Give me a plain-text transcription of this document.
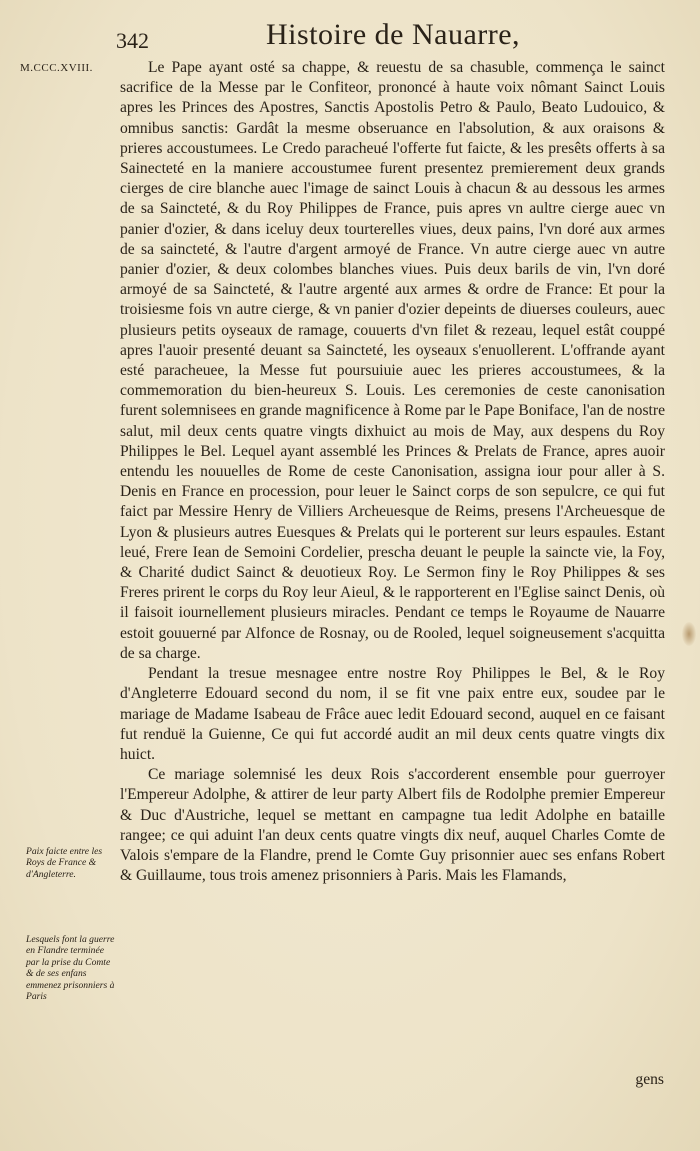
342	Histoire de Nauarre,
M.CCC.XVIII.	Le Pape ayant osté sa chappe, & reuestu de sa chasuble, commença le sainct sacrifice de la Messe par le Confiteor, prononcé à haute voix nômant Sainct Louis apres les Princes des Apostres, Sanctis Apostolis Petro & Paulo, Beato Ludouico, & omnibus sanctis: Gardât la mesme obseruance en l'absolution, & aux oraisons & prieres accoustumees. Le Credo paracheué l'offerte fut faicte, & les presêts offerts à sa Sainecteté en la maniere accoustumee furent presentez premierement deux grands cierges de cire blanche auec l'image de sainct Louis à chacun & au dessous les armes de sa Saincteté, & du Roy Philippes de France, puis apres vn aultre cierge auec vn panier d'ozier, & dans iceluy deux tourterelles viues, deux pains, l'vn doré aux armes de sa saincteté, & l'autre d'argent armoyé de France. Vn autre cierge auec vn autre panier d'ozier, & deux colombes blanches viues. Puis deux barils de vin, l'vn doré armoyé de sa Saincteté, & l'autre argenté aux armes & ordre de France: Et pour la troisiesme fois vn autre cierge, & vn panier d'ozier depeints de diuerses couleurs, auec plusieurs petits oyseaux de ramage, couuerts d'vn filet & rezeau, lequel estât couppé apres l'auoir presenté deuant sa Saincteté, les oyseaux s'enuollerent. L'offrande ayant esté paracheuee, la Messe fut poursuiuie auec les prieres accoustumees, & la commemoration du bien-heureux S. Louis. Les ceremonies de ceste canonisation furent solemnisees en grande magnificence à Rome par le Pape Boniface, l'an de nostre salut, mil deux cents quatre vingts dixhuict au mois de May, aux despens du Roy Philippes le Bel. Lequel ayant assemblé les Princes & Prelats de France, apres auoir entendu les nouuelles de Rome de ceste Canonisation, assigna iour pour aller à S. Denis en France en procession, pour leuer le Sainct corps de son sepulcre, ce qui fut faict par Messire Henry de Villiers Archeuesque de Reims, presens l'Archeuesque de Lyon & plusieurs autres Euesques & Prelats qui le porterent sur leurs espaules. Estant leué, Frere Iean de Semoini Cordelier, prescha deuant le peuple la saincte vie, la Foy, & Charité dudict Sainct & deuotieux Roy. Le Sermon finy le Roy Philippes & ses Freres prirent le corps du Roy leur Aieul, & le rapporterent en l'Eglise sainct Denis, où il faisoit iournellement plusieurs miracles. Pendant ce temps le Royaume de Nauarre estoit gouuerné par Alfonce de Rosnay, ou de Rooled, lequel soigneusement s'acquitta de sa charge.

Pendant la tresue mesnagee entre nostre Roy Philippes le Bel, & le Roy d'Angleterre Edouard second du nom, il se fit vne paix entre eux, soudee par le mariage de Madame Isabeau de Frâce auec ledit Edouard second, auquel en ce faisant fut renduë la Guienne, Ce qui fut accordé audit an mil deux cents quatre vingts dix huict.

Ce mariage solemnisé les deux Rois s'accorderent ensemble pour guerroyer l'Empereur Adolphe, & attirer de leur party Albert fils de Rodolphe premier Empereur & Duc d'Austriche, lequel se mettant en campagne tua ledit Adolphe en bataille rangee; ce qui aduint l'an deux cents quatre vingts dix neuf, auquel Charles Comte de Valois s'empare de la Flandre, prend le Comte Guy prisonnier auec ses enfans Robert & Guillaume, tous trois amenez prisonniers à Paris. Mais les Flamands,

Paix faicte entre les Roys de France & d'Angleterre.
Lesquels font la guerre en Flandre terminée par la prise du Comte & de ses enfans emmenez prisonniers à Paris
gens
